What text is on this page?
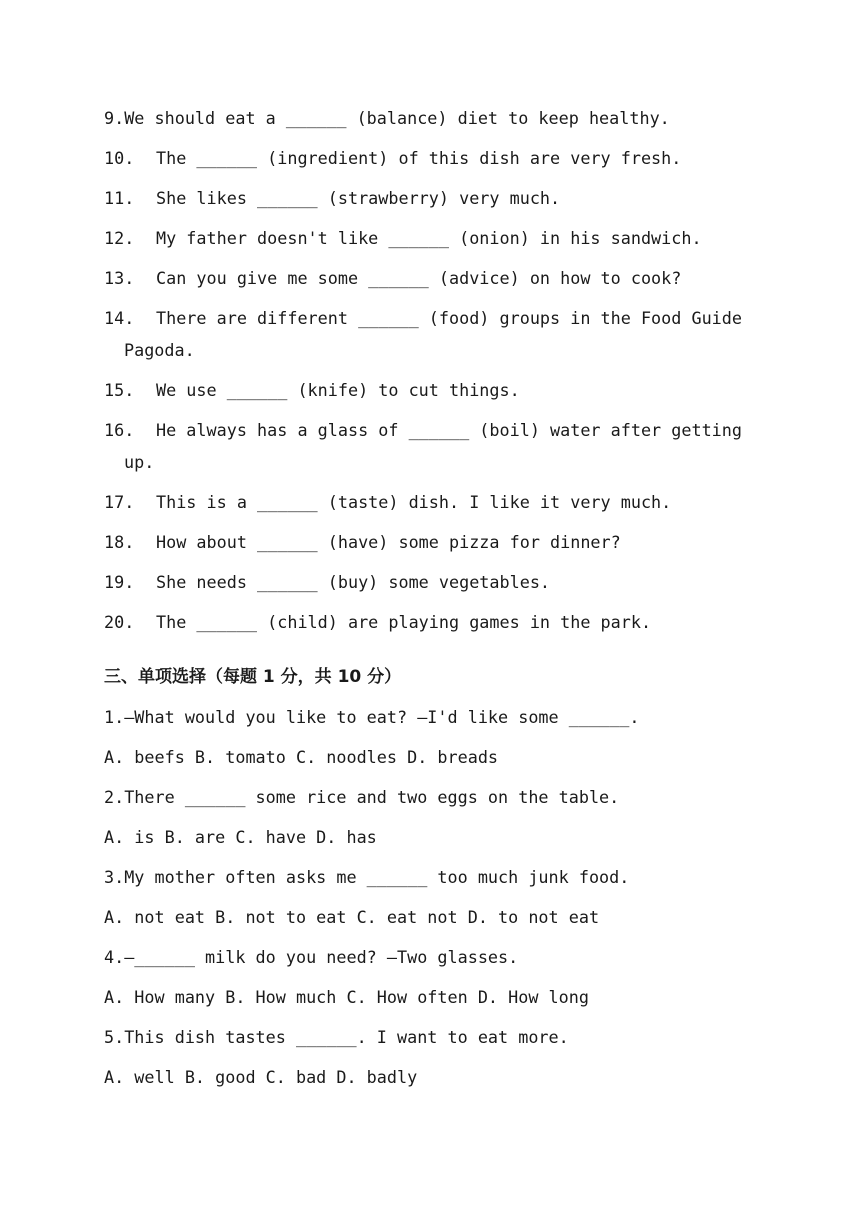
9.We should eat a ______ (balance) diet to keep healthy.

10. The ______ (ingredient) of this dish are very fresh.

11. She likes ______ (strawberry) very much.

12. My father doesn't like ______ (onion) in his sandwich.

13. Can you give me some ______ (advice) on how to cook?

14. There are different ______ (food) groups in the Food Guide

Pagoda.

15. We use ______ (knife) to cut things.

16. He always has a glass of ______ (boil) water after getting

up.

17. This is a ______ (taste) dish. I like it very much.

18. How about ______ (have) some pizza for dinner?

19. She needs ______ (buy) some vegetables.

20. The ______ (child) are playing games in the park.

三、单项选择（每题 1 分，共 10 分）

1.—What would you like to eat? —I'd like some ______.

A. beefs B. tomato C. noodles D. breads

2.There ______ some rice and two eggs on the table.

A. is B. are C. have D. has

3.My mother often asks me ______ too much junk food.

A. not eat B. not to eat C. eat not D. to not eat

4.—______ milk do you need? —Two glasses.

A. How many B. How much C. How often D. How long

5.This dish tastes ______. I want to eat more.

A. well B. good C. bad D. badly
